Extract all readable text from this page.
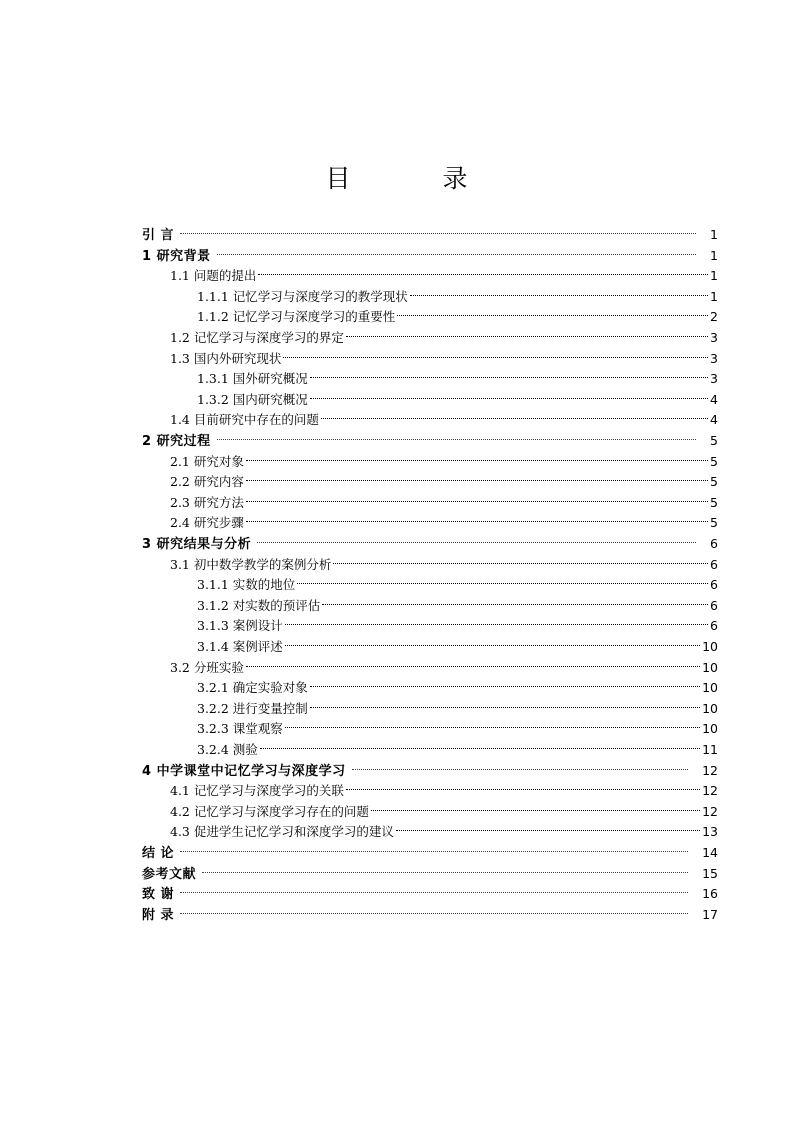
目 录
引 言	1
1 研究背景	1
1.1 问题的提出	1
1.1.1 记忆学习与深度学习的教学现状	1
1.1.2 记忆学习与深度学习的重要性	2
1.2 记忆学习与深度学习的界定	3
1.3 国内外研究现状	3
1.3.1 国外研究概况	3
1.3.2 国内研究概况	4
1.4 目前研究中存在的问题	4
2 研究过程	5
2.1 研究对象	5
2.2 研究内容	5
2.3 研究方法	5
2.4 研究步骤	5
3 研究结果与分析	6
3.1 初中数学教学的案例分析	6
3.1.1 实数的地位	6
3.1.2 对实数的预评估	6
3.1.3 案例设计	6
3.1.4 案例评述	10
3.2 分班实验	10
3.2.1 确定实验对象	10
3.2.2 进行变量控制	10
3.2.3 课堂观察	10
3.2.4 测验	11
4 中学课堂中记忆学习与深度学习	12
4.1 记忆学习与深度学习的关联	12
4.2 记忆学习与深度学习存在的问题	12
4.3 促进学生记忆学习和深度学习的建议	13
结 论	14
参考文献	15
致 谢	16
附 录	17
